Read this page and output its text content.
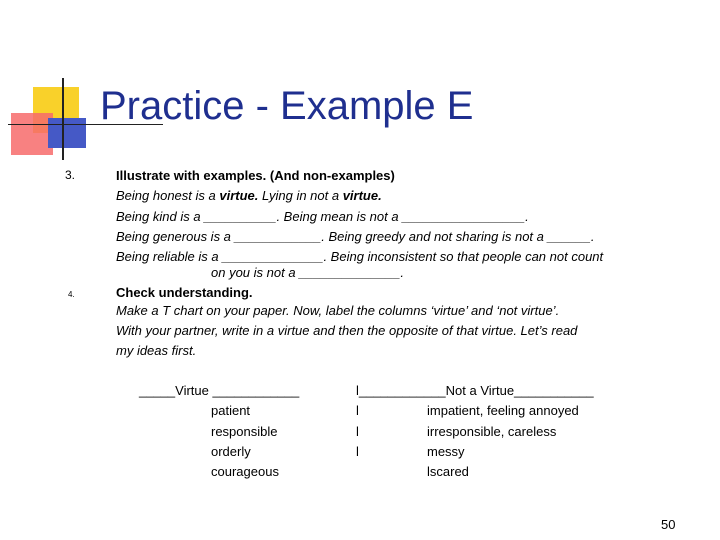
Practice - Example E
3.	Illustrate with examples. (And non-examples)
Being honest is a virtue. Lying in not a virtue.
Being kind is a __________. Being mean is not a _________________.
Being generous is a ____________. Being greedy and not sharing is not a ______.
Being reliable is a ______________. Being inconsistent so that people can not count
on you is not a ______________.
4.	Check understanding.
Make a T chart on your paper. Now, label the columns ‘virtue’ and ‘not virtue’.
With your partner, write in a virtue and then the opposite of that virtue. Let’s read
my ideas first.
_____Virtue ____________
patient
responsible
orderly
courageous
l____________Not a Virtue___________
l
l
l
impatient, feeling annoyed
irresponsible, careless
messy
lscared
50
